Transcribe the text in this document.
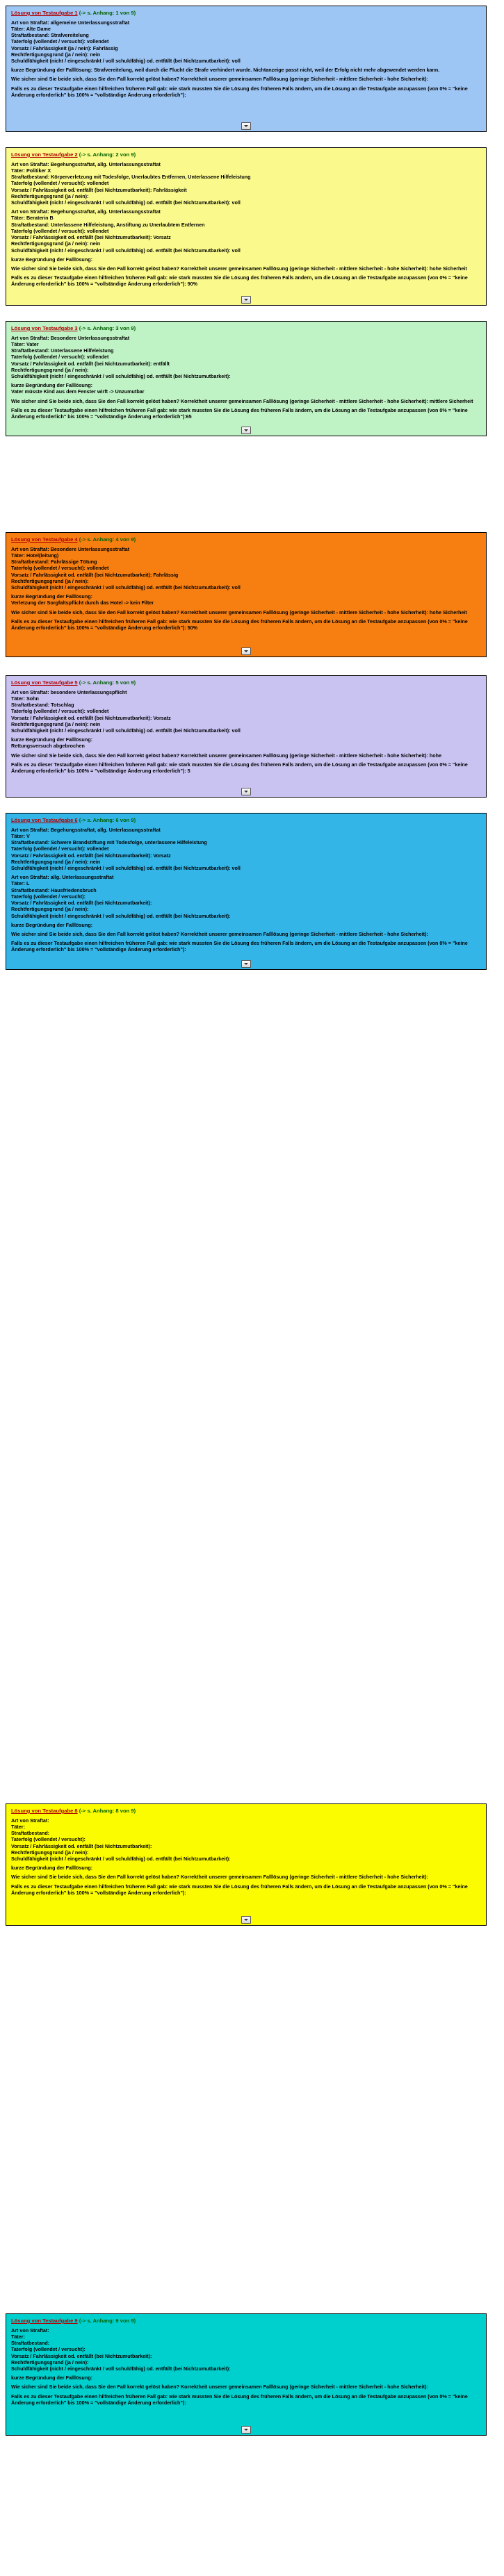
Lösung von Testaufgabe 1 (-> s. Anhang: 1 von 9)
Art von Straftat: allgemeine Unterlassungsstraftat
Täter: Alte Dame
Straftatbestand: Strafvereitelung
Taterfolg (vollendet / versucht): vollendet
Vorsatz / Fahrlässigkeit (ja / nein): Fahrlässig
Rechtfertigungsgrund (ja / nein): nein
Schuldfähigkeit (nicht / eingeschränkt / voll schuldfähig) od. entfällt (bei Nichtzumutbarkeit): voll
kurze Begründung der Falllösung: Strafvereitelung, weil durch die Flucht die Strafe verhindert wurde. Nichtanzeige passt nicht, weil der Erfolg nicht mehr abgewendet werden kann.
Wie sicher sind Sie beide sich, dass Sie den Fall korrekt gelöst haben? Korrektheit unserer gemeinsamen Falllösung (geringe Sicherheit - mittlere Sicherheit - hohe Sicherheit):
Falls es zu dieser Testaufgabe einen hilfreichen früheren Fall gab: wie stark mussten Sie die Lösung des früheren Falls ändern, um die Lösung an die Testaufgabe anzupassen (von 0% = "keine Änderung erforderlich" bis 100% = "vollständige Änderung erforderlich"):
Lösung von Testaufgabe 2 (-> s. Anhang: 2 von 9)
Art von Straftat: Begehungsstraftat, allg. Unterlassungsstraftat
Täter: Politiker X
Straftatbestand: Körperverletzung mit Todesfolge, Unerlaubtes Entfernen, Unterlassene Hilfeleistung
Taterfolg (vollendet / versucht): vollendet
Vorsatz / Fahrlässigkeit od. entfällt (bei Nichtzumutbarkeit): Fahrlässigkeit
Rechtfertigungsgrund (ja / nein):
Schuldfähigkeit (nicht / eingeschränkt / voll schuldfähig) od. entfällt (bei Nichtzumutbarkeit): voll
Art von Straftat: Begehungsstraftat, allg. Unterlassungsstraftat
Täter: Beraterin B
Straftatbestand: Unterlassene Hilfeleistung, Anstiftung zu Unerlaubtem Entfernen
Taterfolg (vollendet / versucht): vollendet
Vorsatz / Fahrlässigkeit od. entfällt (bei Nichtzumutbarkeit): Vorsatz
Rechtfertigungsgrund (ja / nein): nein
Schuldfähigkeit (nicht / eingeschränkt / voll schuldfähig) od. entfällt (bei Nichtzumutbarkeit): voll
kurze Begründung der Falllösung:
Wie sicher sind Sie beide sich, dass Sie den Fall korrekt gelöst haben? Korrektheit unserer gemeinsamen Falllösung (geringe Sicherheit - mittlere Sicherheit - hohe Sicherheit): hohe Sicherheit
Falls es zu dieser Testaufgabe einen hilfreichen früheren Fall gab: wie stark mussten Sie die Lösung des früheren Falls ändern, um die Lösung an die Testaufgabe anzupassen (von 0% = "keine Änderung erforderlich" bis 100% = "vollständige Änderung erforderlich"): 90%
Lösung von Testaufgabe 3 (-> s. Anhang: 3 von 9)
Art von Straftat: Besondere Unterlassungsstraftat
Täter: Vater
Straftatbestand: Unterlassene Hilfeleistung
Taterfolg (vollendet / versucht): vollendet
Vorsatz / Fahrlässigkeit od. entfällt (bei Nichtzumutbarkeit): entfällt
Rechtfertigungsgrund (ja / nein):
Schuldfähigkeit (nicht / eingeschränkt / voll schuldfähig) od. entfällt (bei Nichtzumutbarkeit):
kurze Begründung der Falllösung:
Vater müsste Kind aus dem Fenster wirft -> Unzumutbar
Wie sicher sind Sie beide sich, dass Sie den Fall korrekt gelöst haben? Korrektheit unserer gemeinsamen Falllösung (geringe Sicherheit - mittlere Sicherheit - hohe Sicherheit): mittlere Sicherheit
Falls es zu dieser Testaufgabe einen hilfreichen früheren Fall gab: wie stark mussten Sie die Lösung des früheren Falls ändern, um die Lösung an die Testaufgabe anzupassen (von 0% = "keine Änderung erforderlich" bis 100% = "vollständige Änderung erforderlich"):65
Lösung von Testaufgabe 4 (-> s. Anhang: 4 von 9)
Art von Straftat: Besondere Unterlassungsstraftat
Täter: Hotel(leitung)
Straftatbestand: Fahrlässige Tötung
Taterfolg (vollendet / versucht): vollendet
Vorsatz / Fahrlässigkeit od. entfällt (bei Nichtzumutbarkeit): Fahrlässig
Rechtfertigungsgrund (ja / nein):
Schuldfähigkeit (nicht / eingeschränkt / voll schuldfähig) od. entfällt (bei Nichtzumutbarkeit): voll
kurze Begründung der Falllösung:
Verletzung der Sorgfaltspflicht durch das Hotel -> kein Filter
Wie sicher sind Sie beide sich, dass Sie den Fall korrekt gelöst haben? Korrektheit unserer gemeinsamen Falllösung (geringe Sicherheit - mittlere Sicherheit - hohe Sicherheit): hohe Sicherheit
Falls es zu dieser Testaufgabe einen hilfreichen früheren Fall gab: wie stark mussten Sie die Lösung des früheren Falls ändern, um die Lösung an die Testaufgabe anzupassen (von 0% = "keine Änderung erforderlich" bis 100% = "vollständige Änderung erforderlich"): 50%
Lösung von Testaufgabe 5 (-> s. Anhang: 5 von 9)
Art von Straftat: besondere Unterlassungspflicht
Täter: Sohn
Straftatbestand: Totschlag
Taterfolg (vollendet / versucht): vollendet
Vorsatz / Fahrlässigkeit od. entfällt (bei Nichtzumutbarkeit): Vorsatz
Rechtfertigungsgrund (ja / nein): nein
Schuldfähigkeit (nicht / eingeschränkt / voll schuldfähig) od. entfällt (bei Nichtzumutbarkeit): voll
kurze Begründung der Falllösung:
Rettungsversuch abgebrochen
Wie sicher sind Sie beide sich, dass Sie den Fall korrekt gelöst haben? Korrektheit unserer gemeinsamen Falllösung (geringe Sicherheit - mittlere Sicherheit - hohe Sicherheit): hohe
Falls es zu dieser Testaufgabe einen hilfreichen früheren Fall gab: wie stark mussten Sie die Lösung des früheren Falls ändern, um die Lösung an die Testaufgabe anzupassen (von 0% = "keine Änderung erforderlich" bis 100% = "vollständige Änderung erforderlich"): 5
Lösung von Testaufgabe 6 (-> s. Anhang: 6 von 9)
Art von Straftat: Begehungsstraftat, allg. Unterlassungsstraftat
Täter: V
Straftatbestand: Schwere Brandstiftung mit Todesfolge, unterlassene Hilfeleistung
Taterfolg (vollendet / versucht): vollendet
Vorsatz / Fahrlässigkeit od. entfällt (bei Nichtzumutbarkeit): Vorsatz
Rechtfertigungsgrund (ja / nein): nein
Schuldfähigkeit (nicht / eingeschränkt / voll schuldfähig) od. entfällt (bei Nichtzumutbarkeit): voll
Art von Straftat: allg. Unterlassungsstraftat
Täter: L
Straftatbestand: Hausfriedensbruch
Taterfolg (vollendet / versucht):
Vorsatz / Fahrlässigkeit od. entfällt (bei Nichtzumutbarkeit):
Rechtfertigungsgrund (ja / nein):
Schuldfähigkeit (nicht / eingeschränkt / voll schuldfähig) od. entfällt (bei Nichtzumutbarkeit):
kurze Begründung der Falllösung:
Wie sicher sind Sie beide sich, dass Sie den Fall korrekt gelöst haben? Korrektheit unserer gemeinsamen Falllösung (geringe Sicherheit - mittlere Sicherheit - hohe Sicherheit):
Falls es zu dieser Testaufgabe einen hilfreichen früheren Fall gab: wie stark mussten Sie die Lösung des früheren Falls ändern, um die Lösung an die Testaufgabe anzupassen (von 0% = "keine Änderung erforderlich" bis 100% = "vollständige Änderung erforderlich"):
Lösung von Testaufgabe 8 (-> s. Anhang: 8 von 9)
Art von Straftat:
Täter:
Straftatbestand:
Taterfolg (vollendet / versucht):
Vorsatz / Fahrlässigkeit od. entfällt (bei Nichtzumutbarkeit):
Rechtfertigungsgrund (ja / nein):
Schuldfähigkeit (nicht / eingeschränkt / voll schuldfähig) od. entfällt (bei Nichtzumutbarkeit):
kurze Begründung der Falllösung:
Wie sicher sind Sie beide sich, dass Sie den Fall korrekt gelöst haben? Korrektheit unserer gemeinsamen Falllösung (geringe Sicherheit - mittlere Sicherheit - hohe Sicherheit):
Falls es zu dieser Testaufgabe einen hilfreichen früheren Fall gab: wie stark mussten Sie die Lösung des früheren Falls ändern, um die Lösung an die Testaufgabe anzupassen (von 0% = "keine Änderung erforderlich" bis 100% = "vollständige Änderung erforderlich"):
Lösung von Testaufgabe 9 (-> s. Anhang: 9 von 9)
Art von Straftat:
Täter:
Straftatbestand:
Taterfolg (vollendet / versucht):
Vorsatz / Fahrlässigkeit od. entfällt (bei Nichtzumutbarkeit):
Rechtfertigungsgrund (ja / nein):
Schuldfähigkeit (nicht / eingeschränkt / voll schuldfähig) od. entfällt (bei Nichtzumutbarkeit):
kurze Begründung der Falllösung:
Wie sicher sind Sie beide sich, dass Sie den Fall korrekt gelöst haben? Korrektheit unserer gemeinsamen Falllösung (geringe Sicherheit - mittlere Sicherheit - hohe Sicherheit):
Falls es zu dieser Testaufgabe einen hilfreichen früheren Fall gab: wie stark mussten Sie die Lösung des früheren Falls ändern, um die Lösung an die Testaufgabe anzupassen (von 0% = "keine Änderung erforderlich" bis 100% = "vollständige Änderung erforderlich"):
